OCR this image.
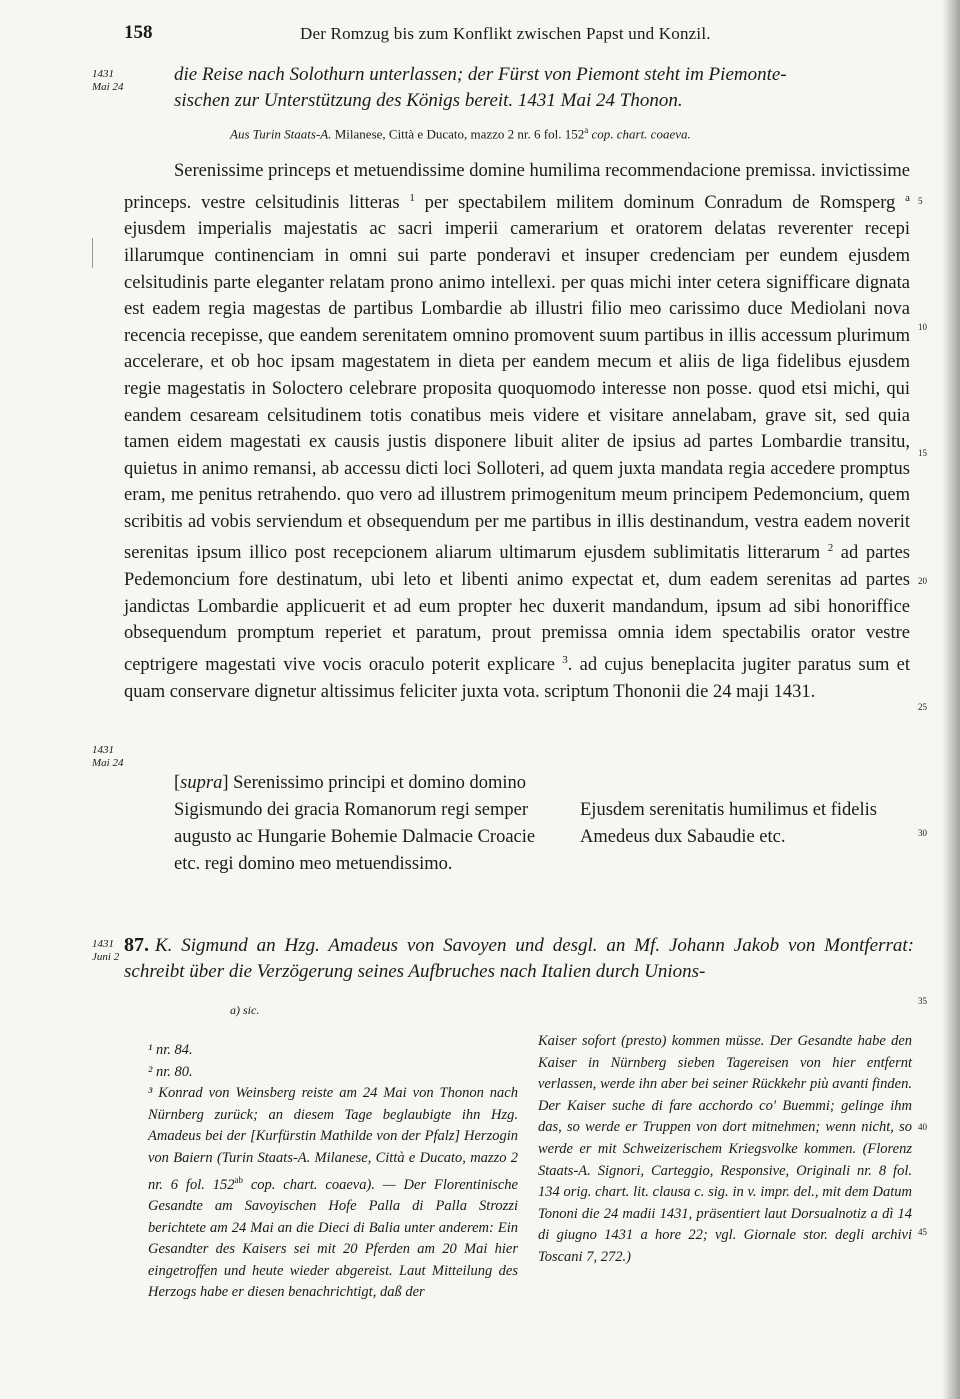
158	Der Romzug bis zum Konflikt zwischen Papst und Konzil.
1431
Mai 24

die Reise nach Solothurn unterlassen; der Fürst von Piemont steht im Piemonte-

sischen zur Unterstützung des Königs bereit. 1431 Mai 24 Thonon.

Aus Turin Staats-A. Milanese, Città e Ducato, mazzo 2 nr. 6 fol. 152$^a$ cop. chart. coaeva.

Serenissime princeps et metuendissime domine humilima recommendacione premissa. invictissime princeps. vestre celsitudinis litteras $^1$ per spectabilem militem dominum Conradum de Romsperg $^a$ ejusdem imperialis majestatis ac sacri imperii camerarium et oratorem delatas reverenter recepi illarumque continenciam in omni sui parte ponderavi et insuper credenciam per eundem ejusdem celsitudinis parte eleganter relatam prono animo intellexi. per quas michi inter cetera signifficare dignata est eadem regia magestas de partibus Lombardie ab illustri filio meo carissimo duce Mediolani nova recencia recepisse, que eandem serenitatem omnino promovent suum partibus in illis accessum plurimum accelerare, et ob hoc ipsam magestatem in dieta per eandem mecum et aliis de liga fidelibus ejusdem regie magestatis in Soloctero celebrare proposita quoquomodo interesse non posse. quod etsi michi, qui eandem cesaream celsitudinem totis conatibus meis videre et visitare annelabam, grave sit, sed quia tamen eidem magestati ex causis justis disponere libuit aliter de ipsius ad partes Lombardie transitu, quietus in animo remansi, ab accessu dicti loci Solloteri, ad quem juxta mandata regia accedere promptus eram, me penitus retrahendo. quo vero ad illustrem primogenitum meum principem Pedemoncium, quem scribitis ad vobis serviendum et obsequendum per me partibus in illis destinandum, vestra eadem noverit serenitas ipsum illico post recepcionem aliarum ultimarum ejusdem sublimitatis litterarum $^2$ ad partes Pedemoncium fore destinatum, ubi leto et libenti animo expectat et, dum eadem serenitas ad partes jandictas Lombardie applicuerit et ad eum propter hec duxerit mandandum, ipsum ad sibi honoriffice obsequendum promptum reperiet et paratum, prout premissa omnia idem spectabilis orator vestre ceptrigere magestati vive vocis oraculo poterit explicare $^3$. ad cujus beneplacita jugiter paratus sum et quam conservare dignetur altissimus feliciter juxta vota. scriptum Thononii die 24 maji 1431.

1431
Mai 24
[supra] Serenissimo principi et domino domino Sigismundo dei gracia Romanorum regi semper augusto ac Hungarie Bohemie Dalmacie Croacie etc. regi domino meo metuendissimo.
Ejusdem serenitatis humilimus et fidelis Amedeus dux Sabaudie etc.
1431
Juni 2
87. K. Sigmund an Hzg. Amadeus von Savoyen und desgl. an Mf. Johann Jakob von Montferrat: schreibt über die Verzögerung seines Aufbruches nach Italien durch Unions-
a) sic.

¹ nr. 84.

² nr. 80.

³ Konrad von Weinsberg reiste am 24 Mai von Thonon nach Nürnberg zurück; an diesem Tage beglaubigte ihn Hzg. Amadeus bei der [Kurfürstin Mathilde von der Pfalz] Herzogin von Baiern (Turin Staats-A. Milanese, Città e Ducato, mazzo 2 nr. 6 fol. $152^{ab}$ cop. chart. coaeva). — Der Florentinische Gesandte am Savoyischen Hofe Palla di Palla Strozzi berichtete am 24 Mai an die Dieci di Balia unter anderem: Ein Gesandter des Kaisers sei mit 20 Pferden am 20 Mai hier eingetroffen und heute wieder abgereist. Laut Mitteilung des Herzogs habe er diesen benachrichtigt, daß der

Kaiser sofort (presto) kommen müsse. Der Gesandte habe den Kaiser in Nürnberg sieben Tagereisen von hier entfernt verlassen, werde ihn aber bei seiner Rückkehr più avanti finden. Der Kaiser suche di fare acchordo co' Buemmi; gelinge ihm das, so werde er Truppen von dort mitnehmen; wenn nicht, so werde er mit Schweizerischem Kriegsvolke kommen. (Florenz Staats-A. Signori, Carteggio, Responsive, Originali nr. 8 fol. 134 orig. chart. lit. clausa c. sig. in v. impr. del., mit dem Datum Tononi die 24 madii 1431, präsentiert laut Dorsualnotiz a dì 14 di giugno 1431 a hore 22; vgl. Giornale stor. degli archivi Toscani 7, 272.)

5
10
15
20
25
30
35
40
45
